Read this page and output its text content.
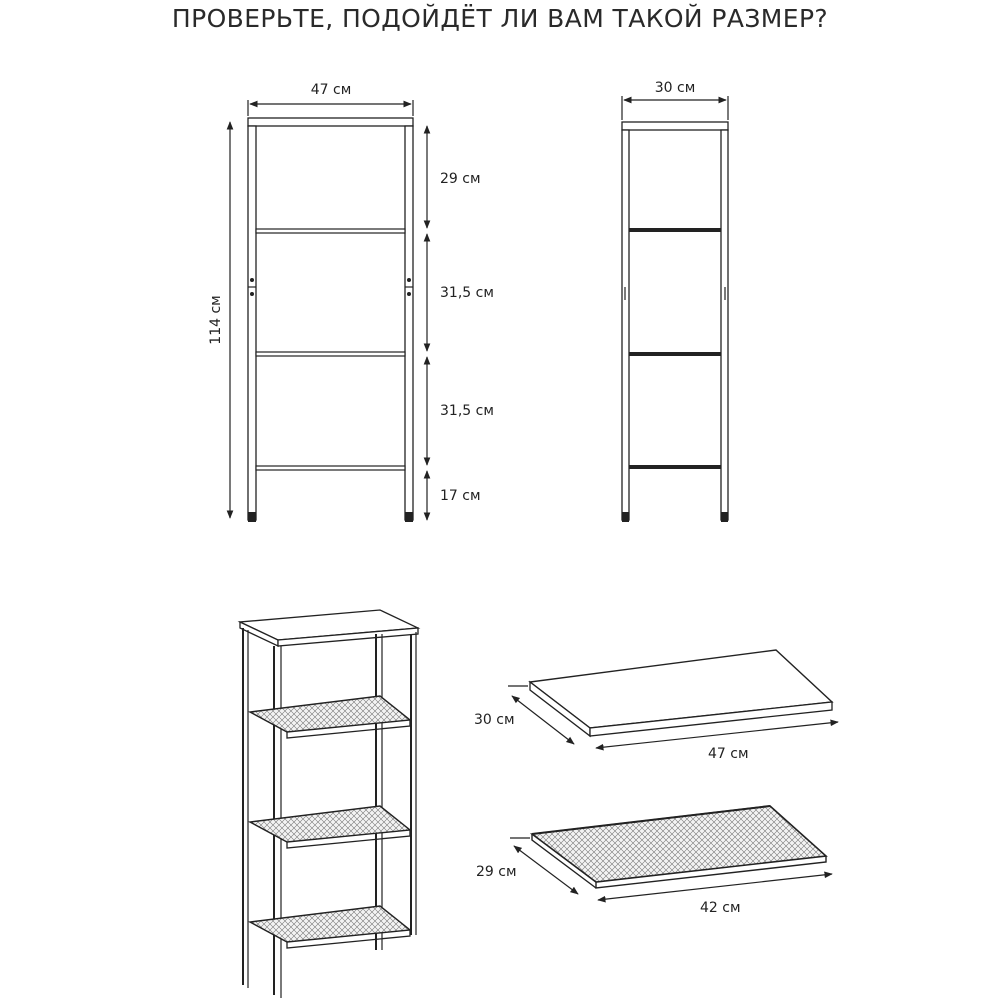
ПРОВЕРЬТЕ, ПОДОЙДЁТ ЛИ ВАМ ТАКОЙ РАЗМЕР?
47 см
114 см
29 см
31,5 см
31,5 см
17 см
30 см
30 см
47 см
29 см
42 см
